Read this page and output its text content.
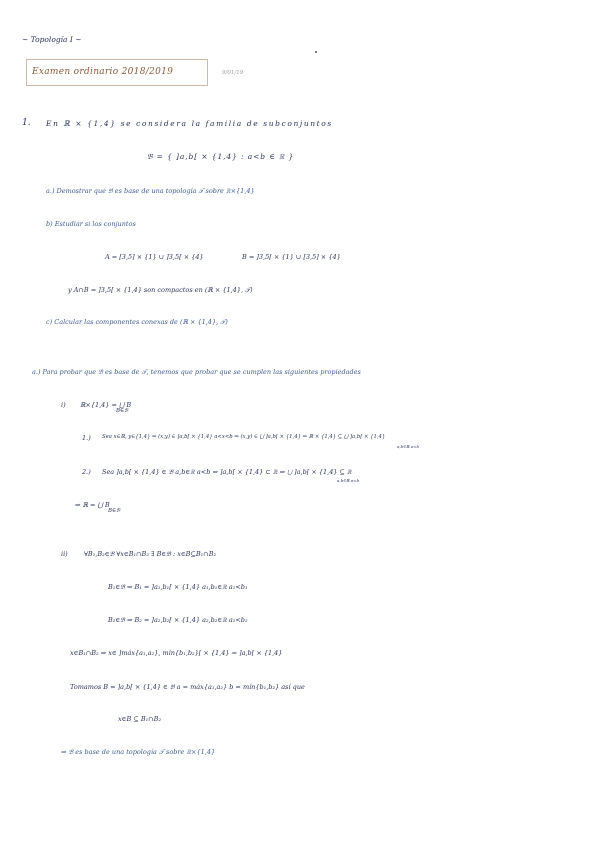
~ Topología I ~
Examen ordinario 2018/2019	9/01/19
1. En ℝ × {1,4} se considera la familia de subconjuntos
𝔅 = { ]a,b[ × {1,4} : a<b ∈ ℝ }
a.) Demostrar que 𝔅 es base de una topología 𝒯 sobre ℝ×{1,4}
b) Estudiar si los conjuntos
A = [3,5] × {1} ∪ ]3,5[ × {4}	B = ]3,5[ × {1} ∪ [3,5] × {4}
y A∩B = ]3,5[ × {1,4} son compactos en (ℝ × {1,4}, 𝒯)
c) Calcular las componentes conexas de (ℝ × {1,4}, 𝒯)
a.) Para probar que 𝔅 es base de 𝒯, tenemos que probar que se cumplen las siguientes propiedades
i) ℝ×{1,4} = ⋃ B
B∈𝔅
1.) Sea x∈ℝ, y∈{1,4} ⇒ (x,y) ∈ ]a,b[ × {1,4} a<x<b ⇒ (x,y) ∈ ⋃ ]a,b[ × {1,4} ⇒ ℝ × {1,4} ⊆ ⋃ ]a,b[ × {1,4}
a,b∈ℝ a<b
2.) Sea ]a,b[ × {1,4} ∈ 𝔅 a,b∈ℝ a<b ⇒ ]a,b[ × {1,4} ⊂ ℝ ⇒ ⋃ ]a,b[ × {1,4} ⊆ ℝ
a,b∈ℝ a<b
⇒ ℝ = ⋃ B
B∈𝔅
ii)	∀B₁,B₂∈𝔅 ∀x∈B₁∩B₂ ∃ B∈𝔅 : x∈B⊆B₁∩B₂
B₁∈𝔅 ⇒ B₁ = ]a₁,b₁[ × {1,4} a₁,b₁∈ℝ a₁<b₁
B₂∈𝔅 ⇒ B₂ = ]a₂,b₂[ × {1,4} a₂,b₂∈ℝ a₂<b₂
x∈B₁∩B₂ ⇒ x∈ ]máx{a₁,a₂}, mín{b₁,b₂}[ × {1,4} = ]a,b[ × {1,4}
Tomamos B = ]a,b[ × {1,4} ∈ 𝔅 a = máx{a₁,a₂} b = mín{b₁,b₂} así que
x∈B ⊆ B₁∩B₂
⇒ 𝔅 es base de una topología 𝒯 sobre ℝ×{1,4}
